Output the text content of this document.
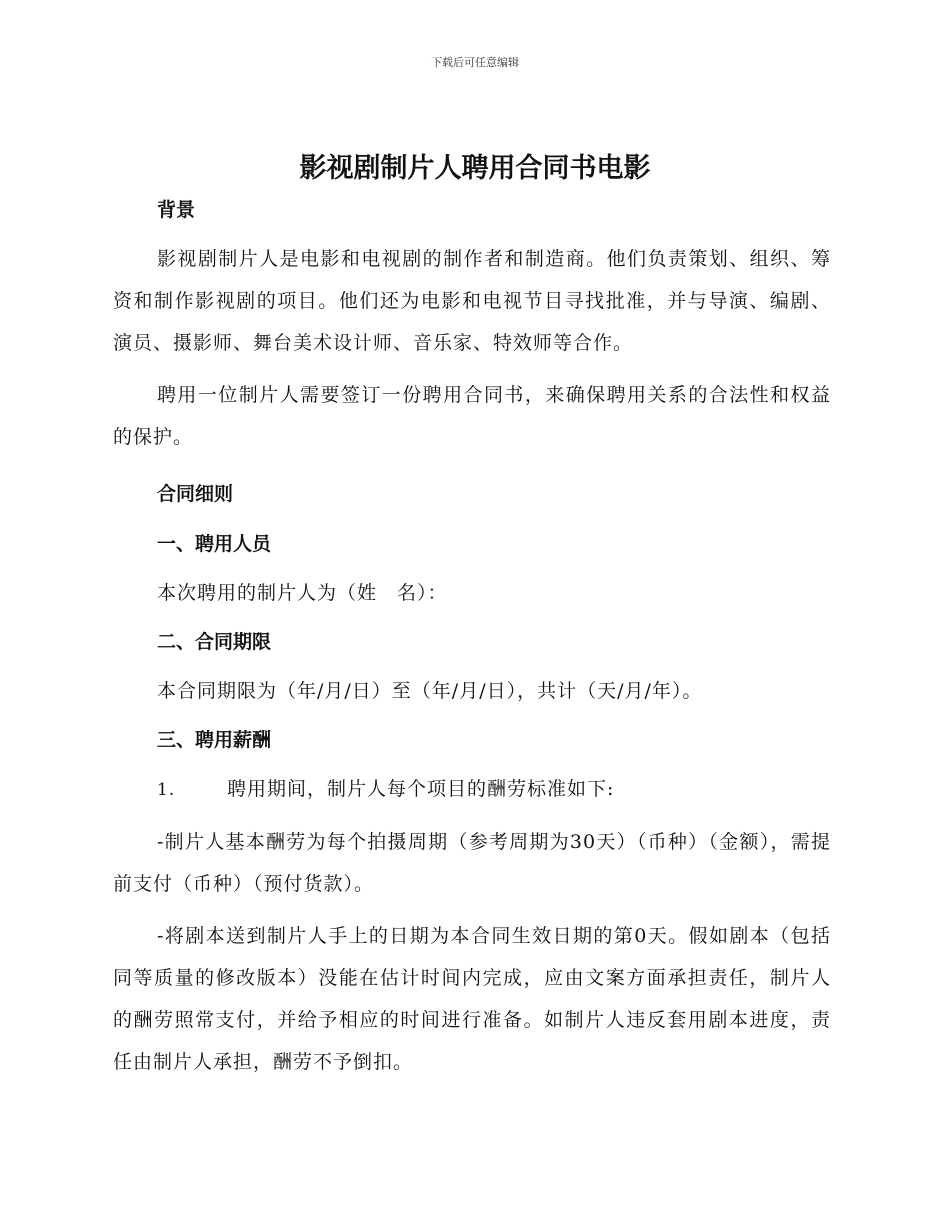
下载后可任意编辑
影视剧制片人聘用合同书电影

背景

影视剧制片人是电影和电视剧的制作者和制造商。他们负责策划、组织、筹资和制作影视剧的项目。他们还为电影和电视节目寻找批准，并与导演、编剧、演员、摄影师、舞台美术设计师、音乐家、特效师等合作。

聘用一位制片人需要签订一份聘用合同书，来确保聘用关系的合法性和权益的保护。

合同细则

一、聘用人员

本次聘用的制片人为（姓　名）：

二、合同期限

本合同期限为（年/月/日）至（年/月/日），共计（天/月/年）。

三、聘用薪酬

1.	聘用期间，制片人每个项目的酬劳标准如下:

-制片人基本酬劳为每个拍摄周期（参考周期为30天）（币种）（金额），需提前支付（币种）（预付货款）。

-将剧本送到制片人手上的日期为本合同生效日期的第0天。假如剧本（包括同等质量的修改版本）没能在估计时间内完成，应由文案方面承担责任，制片人的酬劳照常支付，并给予相应的时间进行准备。如制片人违反套用剧本进度，责任由制片人承担，酬劳不予倒扣。
